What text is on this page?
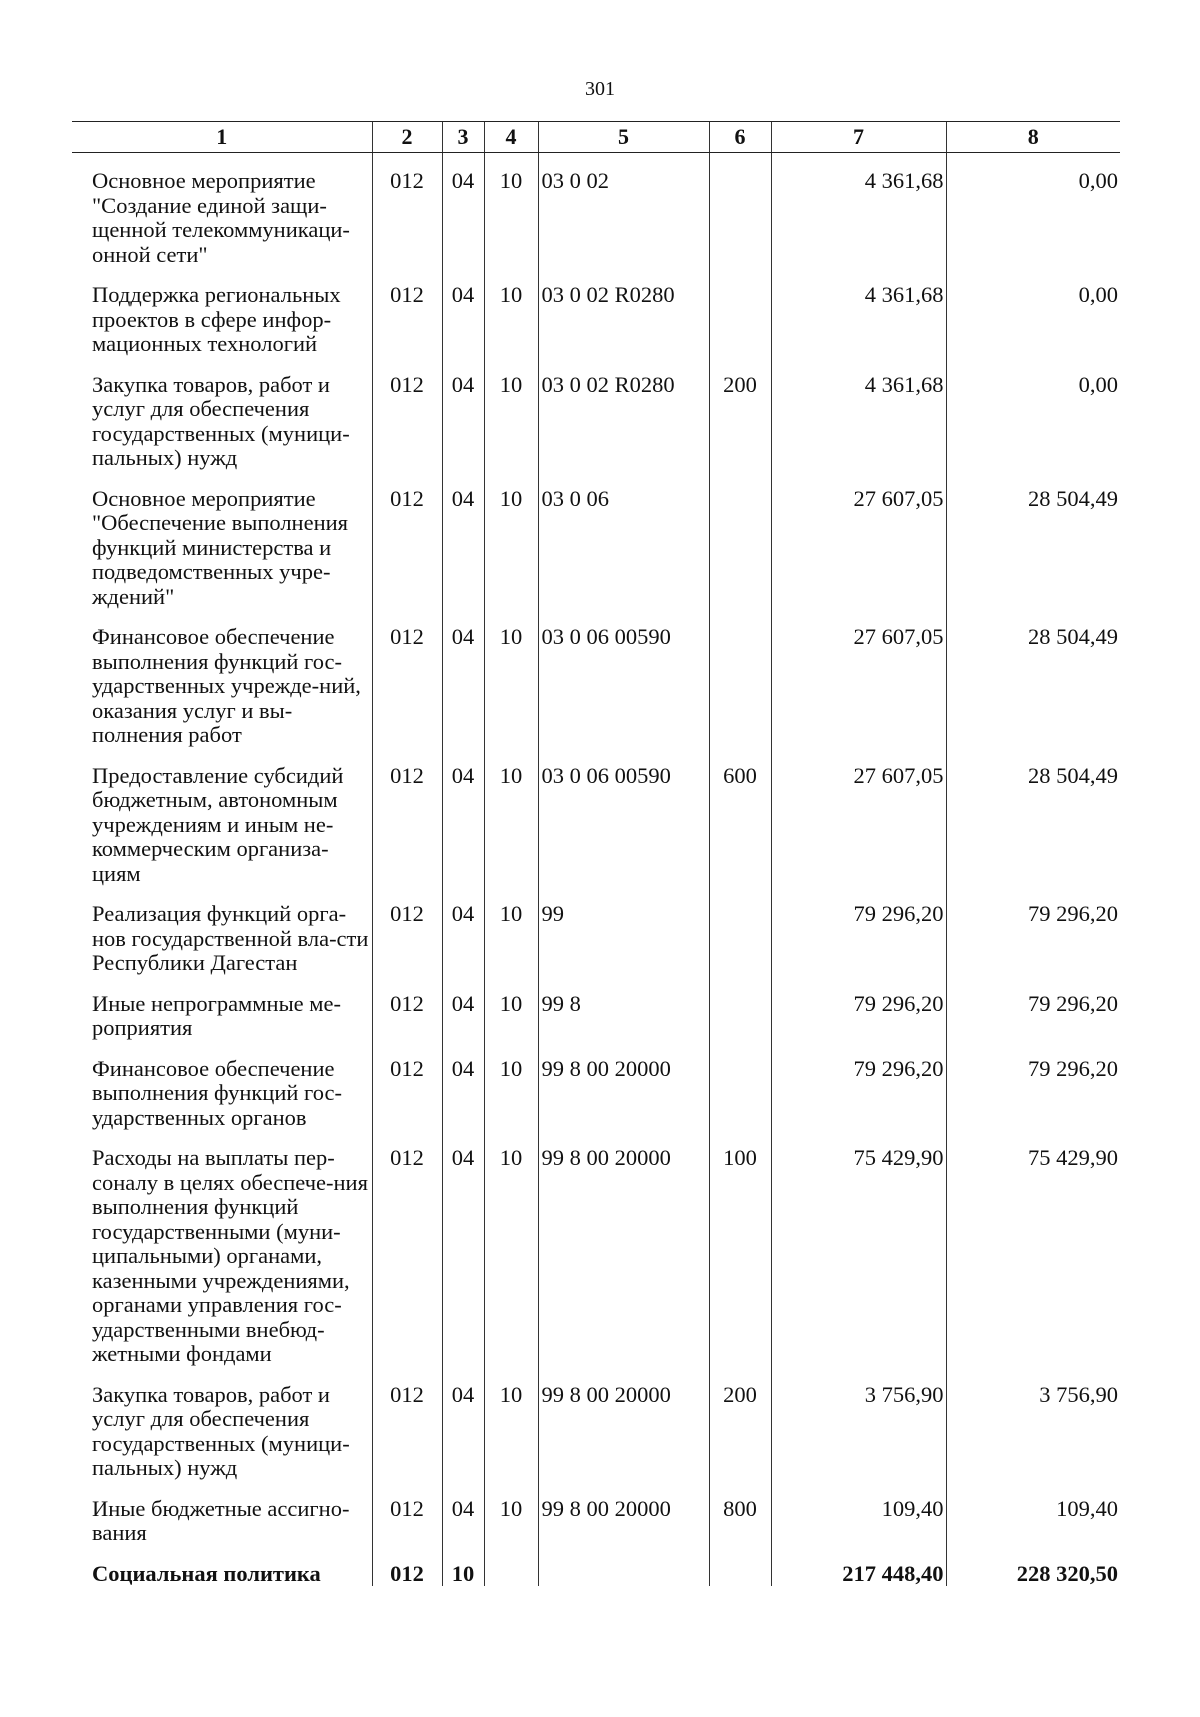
301
1	2	3	4	5	6	7	8
Основное мероприятие "Создание единой защи-щенной телекоммуникаци-онной сети"	012	04	10	03 0 02		4 361,68	0,00
Поддержка региональных проектов в сфере инфор-мационных технологий	012	04	10	03 0 02 R0280		4 361,68	0,00
Закупка товаров, работ и услуг для обеспечения государственных (муници-пальных) нужд	012	04	10	03 0 02 R0280	200	4 361,68	0,00
Основное мероприятие "Обеспечение выполнения функций министерства и подведомственных учре-ждений"	012	04	10	03 0 06		27 607,05	28 504,49
Финансовое обеспечение выполнения функций гос-ударственных учрежде-ний, оказания услуг и вы-полнения работ	012	04	10	03 0 06 00590		27 607,05	28 504,49
Предоставление субсидий бюджетным, автономным учреждениям и иным не-коммерческим организа-циям	012	04	10	03 0 06 00590	600	27 607,05	28 504,49
Реализация функций орга-нов государственной вла-сти Республики Дагестан	012	04	10	99		79 296,20	79 296,20
Иные непрограммные ме-роприятия	012	04	10	99 8		79 296,20	79 296,20
Финансовое обеспечение выполнения функций гос-ударственных органов	012	04	10	99 8 00 20000		79 296,20	79 296,20
Расходы на выплаты пер-соналу в целях обеспече-ния выполнения функций государственными (муни-ципальными) органами, казенными учреждениями, органами управления гос-ударственными внебюд-жетными фондами	012	04	10	99 8 00 20000	100	75 429,90	75 429,90
Закупка товаров, работ и услуг для обеспечения государственных (муници-пальных) нужд	012	04	10	99 8 00 20000	200	3 756,90	3 756,90
Иные бюджетные ассигно-вания	012	04	10	99 8 00 20000	800	109,40	109,40
Социальная политика	012	10				217 448,40	228 320,50
